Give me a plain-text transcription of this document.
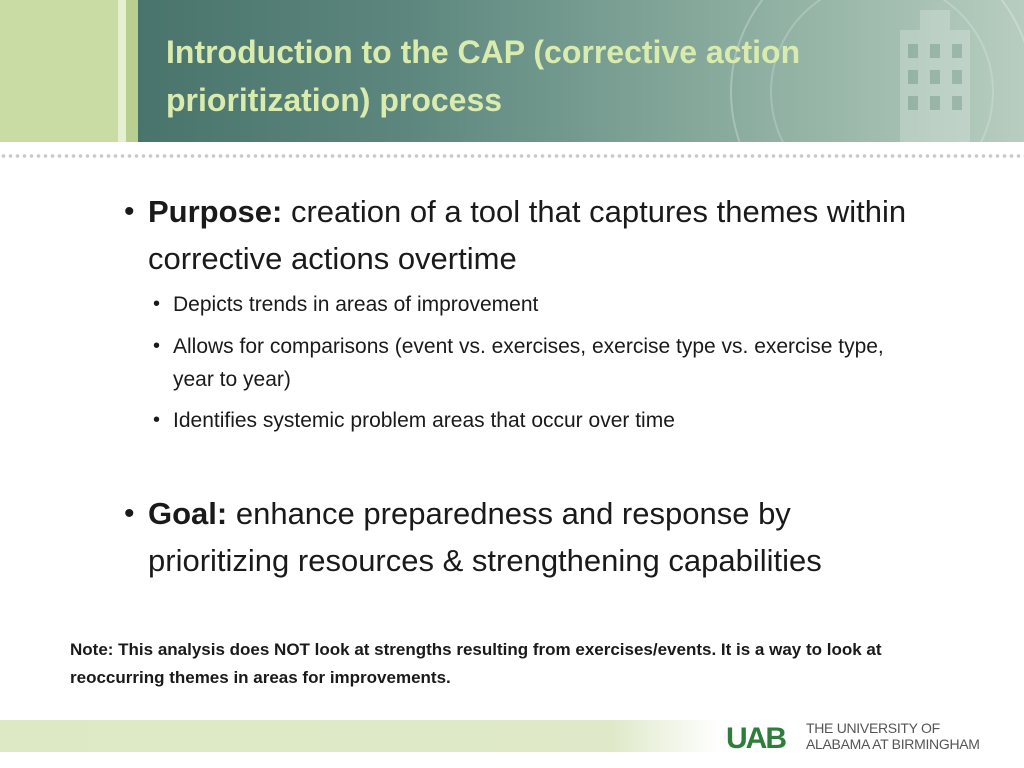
Introduction to the CAP (corrective action prioritization) process
• Purpose: creation of a tool that captures themes within corrective actions overtime
• Depicts trends in areas of improvement
• Allows for comparisons (event vs. exercises, exercise type vs. exercise type, year to year)
• Identifies systemic problem areas that occur over time
• Goal: enhance preparedness and response by prioritizing resources & strengthening capabilities
Note: This analysis does NOT look at strengths resulting from exercises/events. It is a way to look at reoccurring themes in areas for improvements.
UAB THE UNIVERSITY OF
ALABAMA AT BIRMINGHAM
